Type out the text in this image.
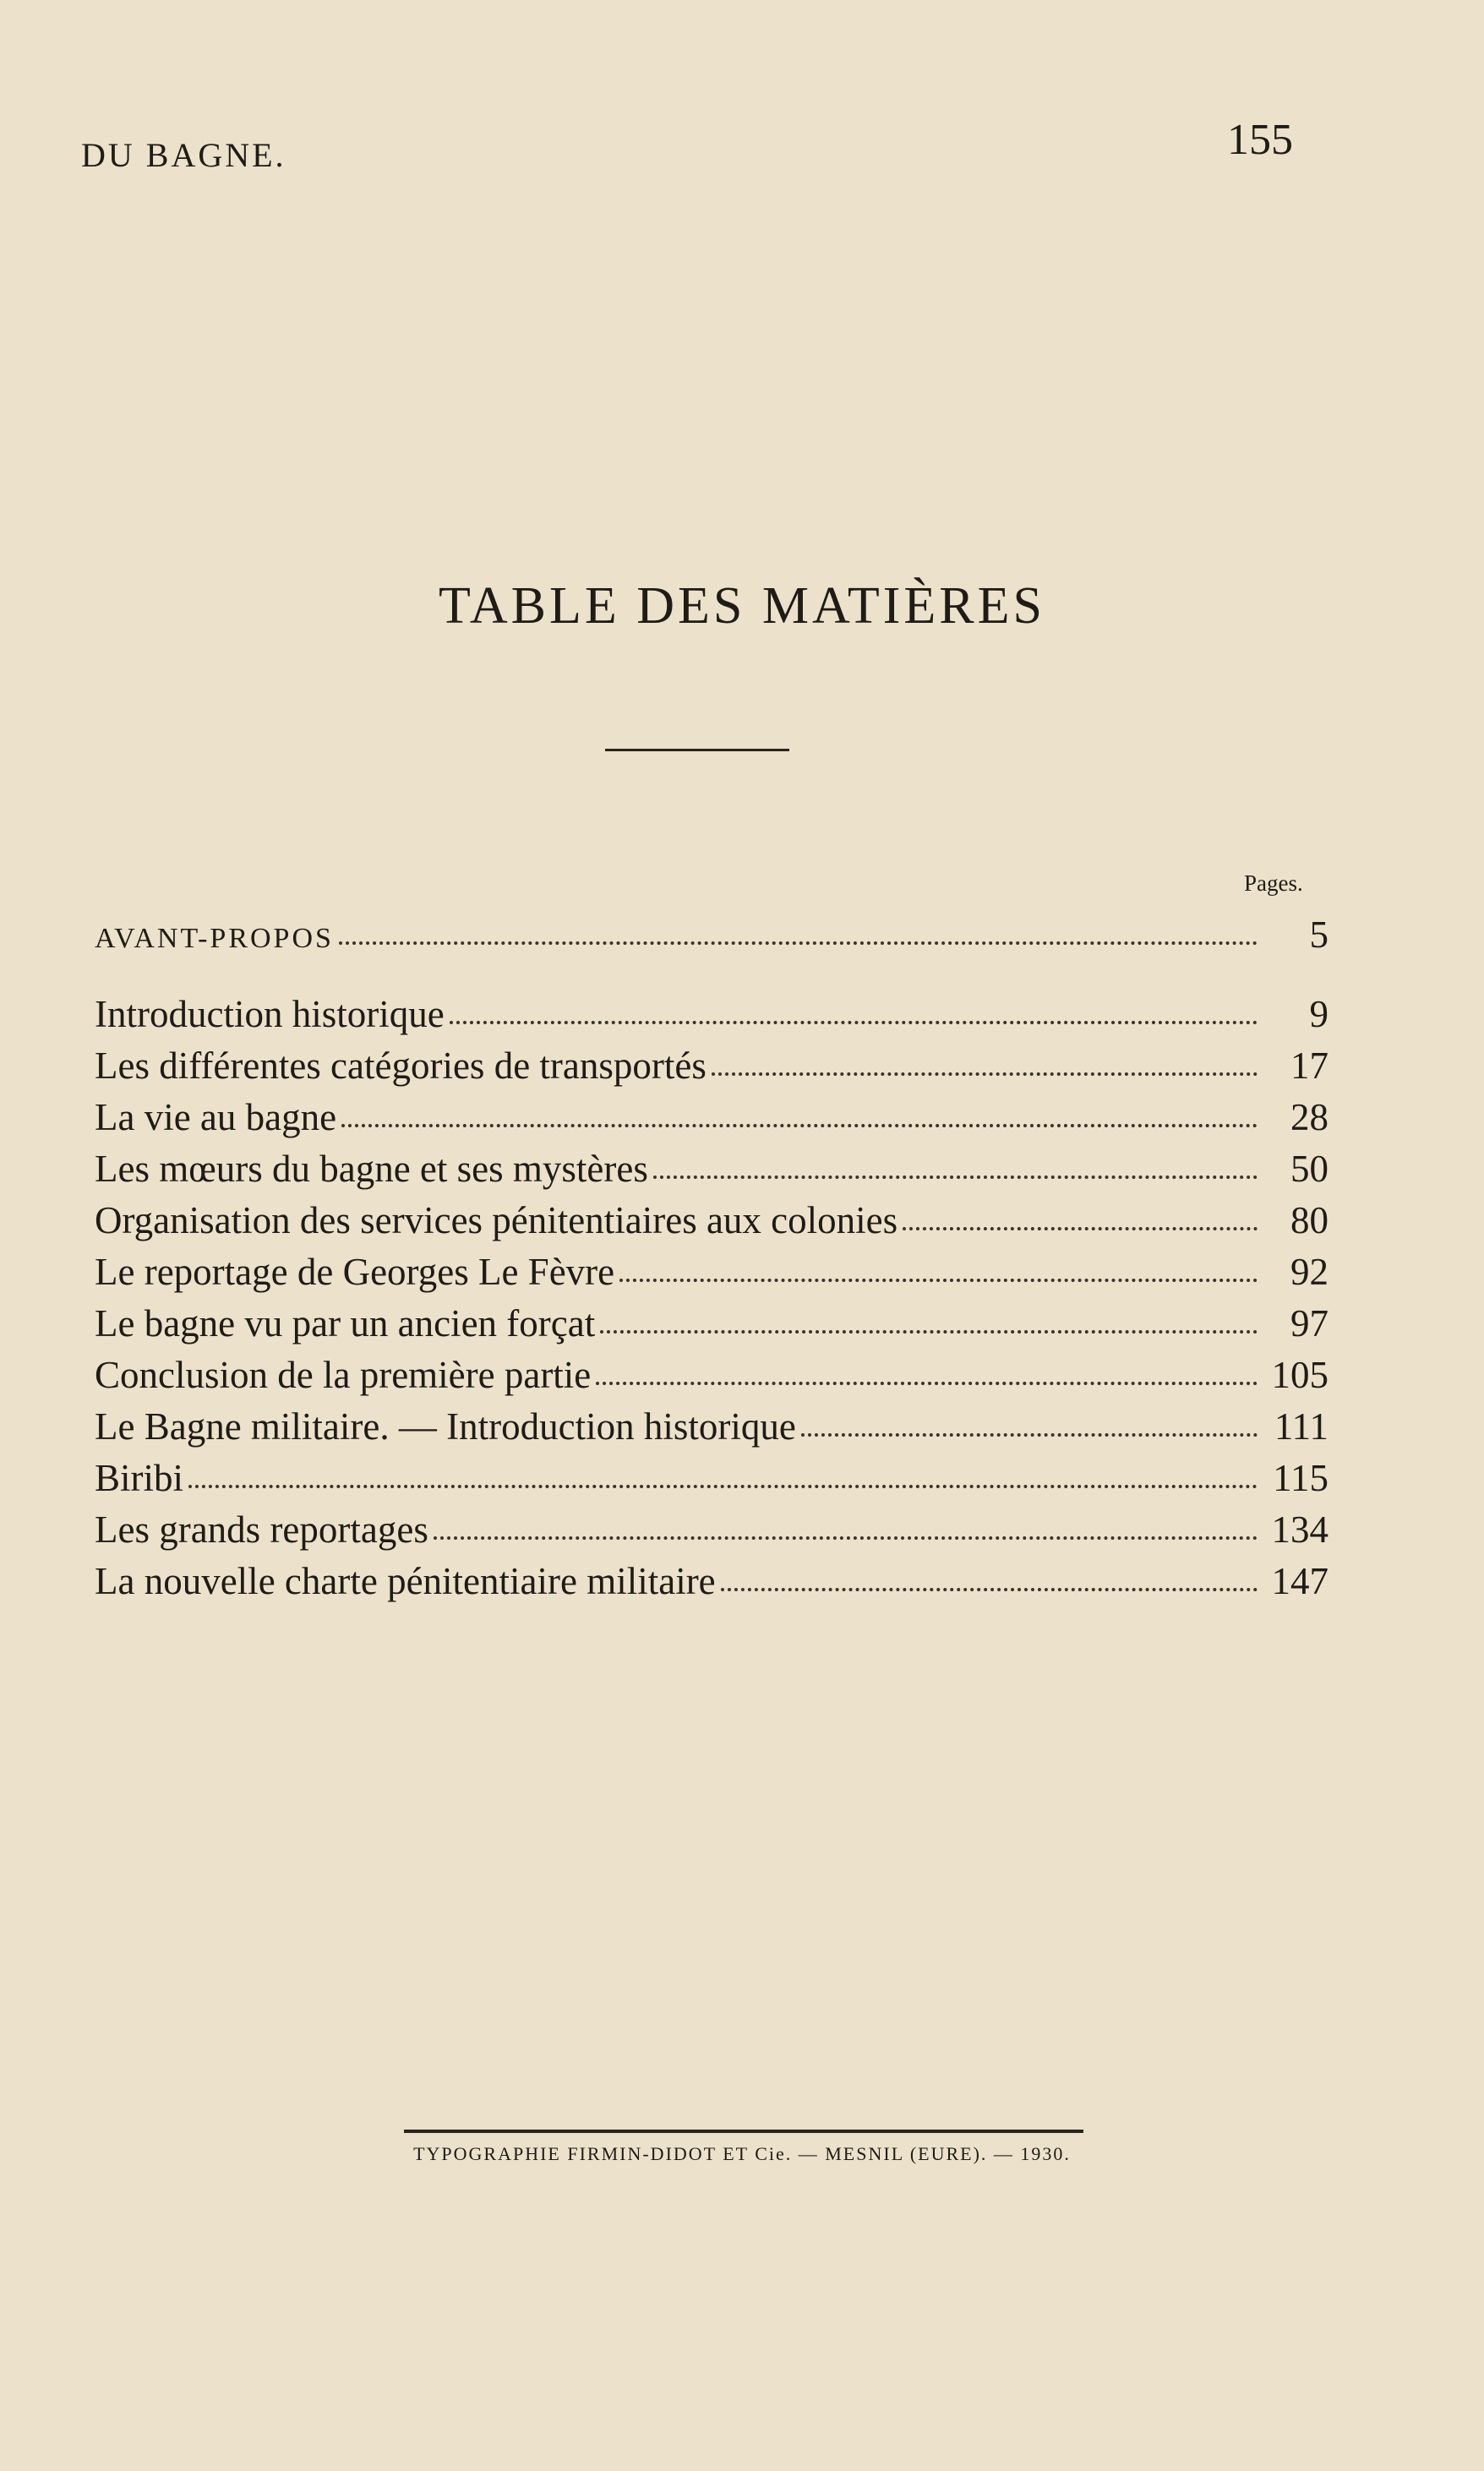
DU BAGNE.	155
TABLE DES MATIÈRES
Pages.
AVANT-PROPOS	5
Introduction historique	9
Les différentes catégories de transportés	17
La vie au bagne	28
Les mœurs du bagne et ses mystères	50
Organisation des services pénitentiaires aux colonies	80
Le reportage de Georges Le Fèvre	92
Le bagne vu par un ancien forçat	97
Conclusion de la première partie	105
Le Bagne militaire. — Introduction historique	111
Biribi	115
Les grands reportages	134
La nouvelle charte pénitentiaire militaire	147
TYPOGRAPHIE FIRMIN-DIDOT ET Cie. — MESNIL (EURE). — 1930.
